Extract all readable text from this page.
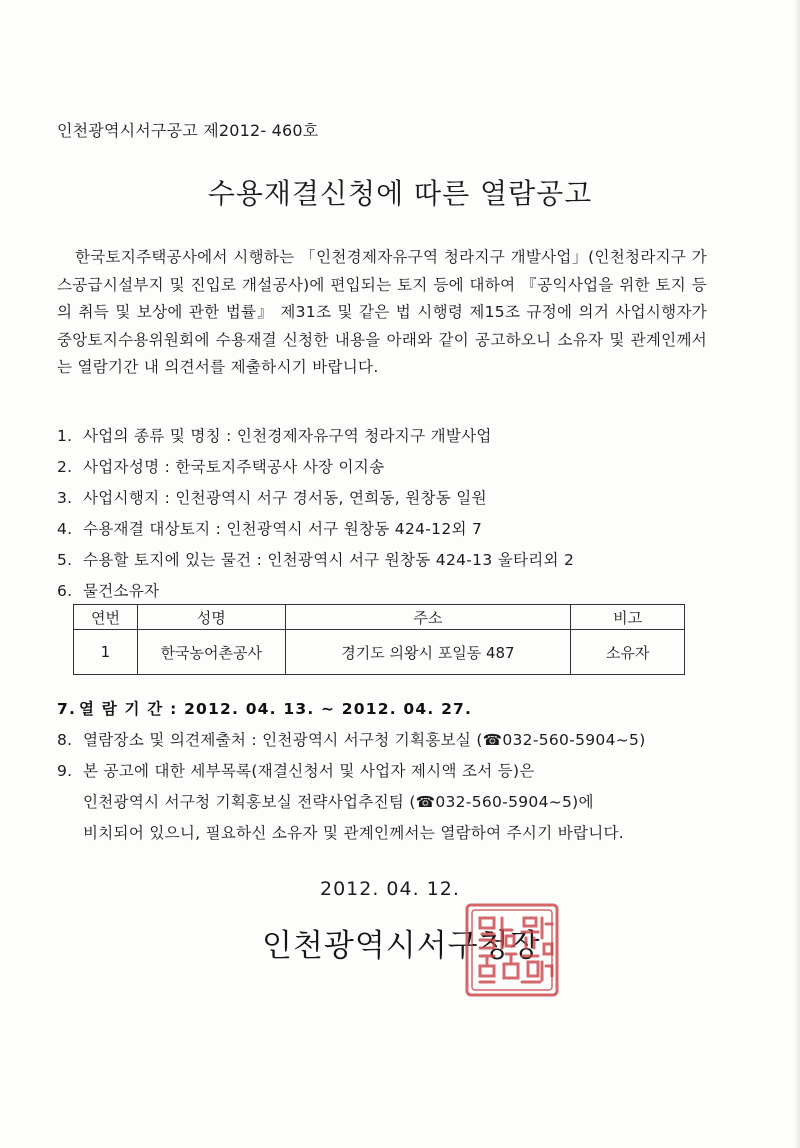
인천광역시서구공고 제2012- 460호
수용재결신청에 따른 열람공고

한국토지주택공사에서 시행하는 「인천경제자유구역 청라지구 개발사업」(인천청라지구 가스공급시설부지 및 진입로 개설공사)에 편입되는 토지 등에 대하여 『공익사업을 위한 토지 등의 취득 및 보상에 관한 법률』 제31조 및 같은 법 시행령 제15조 규정에 의거 사업시행자가 중앙토지수용위원회에 수용재결 신청한 내용을 아래와 같이 공고하오니 소유자 및 관계인께서는 열람기간 내 의견서를 제출하시기 바랍니다.

1. 사업의 종류 및 명칭 : 인천경제자유구역 청라지구 개발사업
2. 사업자성명 : 한국토지주택공사 사장 이지송
3. 사업시행지 : 인천광역시 서구 경서동, 연희동, 원창동 일원
4. 수용재결 대상토지 : 인천광역시 서구 원창동 424-12외 7
5. 수용할 토지에 있는 물건 : 인천광역시 서구 원창동 424-13 울타리외 2
6. 물건소유자
연번	성명	주소	비고
1	한국농어촌공사	경기도 의왕시 포일동 487	소유자
7. 열 람 기 간 : 2012. 04. 13. ~ 2012. 04. 27.
8. 열람장소 및 의견제출처 : 인천광역시 서구청 기획홍보실 (☎032-560-5904~5)
9. 본 공고에 대한 세부목록(재결신청서 및 사업자 제시액 조서 등)은
인천광역시 서구청 기획홍보실 전략사업추진팀 (☎032-560-5904~5)에
비치되어 있으니, 필요하신 소유자 및 관계인께서는 열람하여 주시기 바랍니다.
2012. 04. 12.
인천광역시서구청장
